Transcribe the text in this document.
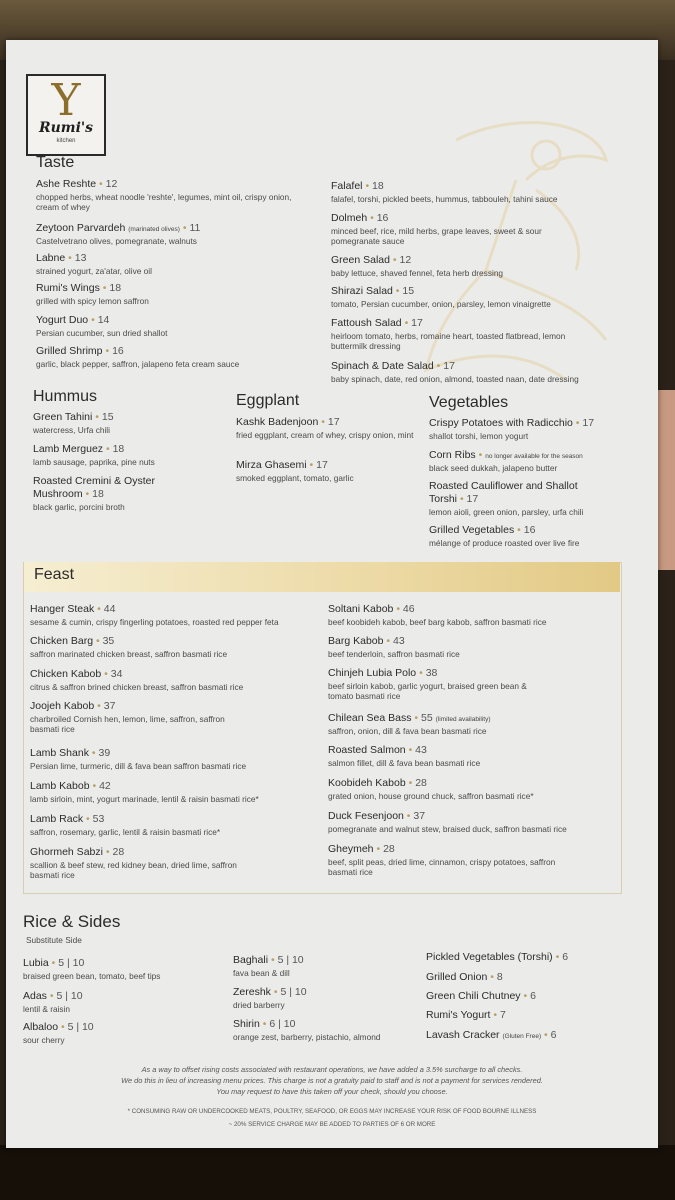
Y
Rumi's
kitchen
Taste
Ashe Reshte • 12
chopped herbs, wheat noodle 'reshte', legumes, mint oil, crispy onion, cream of whey
Zeytoon Parvardeh (marinated olives) • 11
Castelvetrano olives, pomegranate, walnuts
Labne • 13
strained yogurt, za'atar, olive oil
Rumi's Wings • 18
grilled with spicy lemon saffron
Yogurt Duo • 14
Persian cucumber, sun dried shallot
Grilled Shrimp • 16
garlic, black pepper, saffron, jalapeno feta cream sauce
Falafel • 18
falafel, torshi, pickled beets, hummus, tabbouleh, tahini sauce
Dolmeh • 16
minced beef, rice, mild herbs, grape leaves, sweet & sour pomegranate sauce
Green Salad • 12
baby lettuce, shaved fennel, feta herb dressing
Shirazi Salad • 15
tomato, Persian cucumber, onion, parsley, lemon vinaigrette
Fattoush Salad • 17
heirloom tomato, herbs, romaine heart, toasted flatbread, lemon buttermilk dressing
Spinach & Date Salad • 17
baby spinach, date, red onion, almond, toasted naan, date dressing
Hummus
Green Tahini • 15
watercress, Urfa chili
Lamb Merguez • 18
lamb sausage, paprika, pine nuts
Roasted Cremini & Oyster
Mushroom • 18
black garlic, porcini broth
Eggplant
Kashk Badenjoon • 17
fried eggplant, cream of whey, crispy onion, mint
Mirza Ghasemi • 17
smoked eggplant, tomato, garlic
Vegetables
Crispy Potatoes with Radicchio • 17
shallot torshi, lemon yogurt
Corn Ribs • no longer available for the season
black seed dukkah, jalapeno butter
Roasted Cauliflower and Shallot
Torshi • 17
lemon aioli, green onion, parsley, urfa chili
Grilled Vegetables • 16
mélange of produce roasted over live fire
Feast
Hanger Steak • 44
sesame & cumin, crispy fingerling potatoes, roasted red pepper feta
Chicken Barg • 35
saffron marinated chicken breast, saffron basmati rice
Chicken Kabob • 34
citrus & saffron brined chicken breast, saffron basmati rice
Joojeh Kabob • 37
charbroiled Cornish hen, lemon, lime, saffron, saffron basmati rice
Lamb Shank • 39
Persian lime, turmeric, dill & fava bean saffron basmati rice
Lamb Kabob • 42
lamb sirloin, mint, yogurt marinade, lentil & raisin basmati rice*
Lamb Rack • 53
saffron, rosemary, garlic, lentil & raisin basmati rice*
Ghormeh Sabzi • 28
scallion & beef stew, red kidney bean, dried lime, saffron basmati rice
Soltani Kabob • 46
beef koobideh kabob, beef barg kabob, saffron basmati rice
Barg Kabob • 43
beef tenderloin, saffron basmati rice
Chinjeh Lubia Polo • 38
beef sirloin kabob, garlic yogurt, braised green bean & tomato basmati rice
Chilean Sea Bass • 55 (limited availability)
saffron, onion, dill & fava bean basmati rice
Roasted Salmon • 43
salmon fillet, dill & fava bean basmati rice
Koobideh Kabob • 28
grated onion, house ground chuck, saffron basmati rice*
Duck Fesenjoon • 37
pomegranate and walnut stew, braised duck, saffron basmati rice
Gheymeh • 28
beef, split peas, dried lime, cinnamon, crispy potatoes, saffron basmati rice
Rice & Sides
Substitute Side
Lubia • 5 | 10
braised green bean, tomato, beef tips
Adas • 5 | 10
lentil & raisin
Albaloo • 5 | 10
sour cherry
Baghali • 5 | 10
fava bean & dill
Zereshk • 5 | 10
dried barberry
Shirin • 6 | 10
orange zest, barberry, pistachio, almond
Pickled Vegetables (Torshi) • 6
Grilled Onion • 8
Green Chili Chutney • 6
Rumi's Yogurt • 7
Lavash Cracker (Gluten Free) • 6
As a way to offset rising costs associated with restaurant operations, we have added a 3.5% surcharge to all checks.
We do this in lieu of increasing menu prices. This charge is not a gratuity paid to staff and is not a payment for services rendered.
You may request to have this taken off your check, should you choose.
* CONSUMING RAW OR UNDERCOOKED MEATS, POULTRY, SEAFOOD, OR EGGS MAY INCREASE YOUR RISK OF FOOD BOURNE ILLNESS
~ 20% SERVICE CHARGE MAY BE ADDED TO PARTIES OF 6 OR MORE
